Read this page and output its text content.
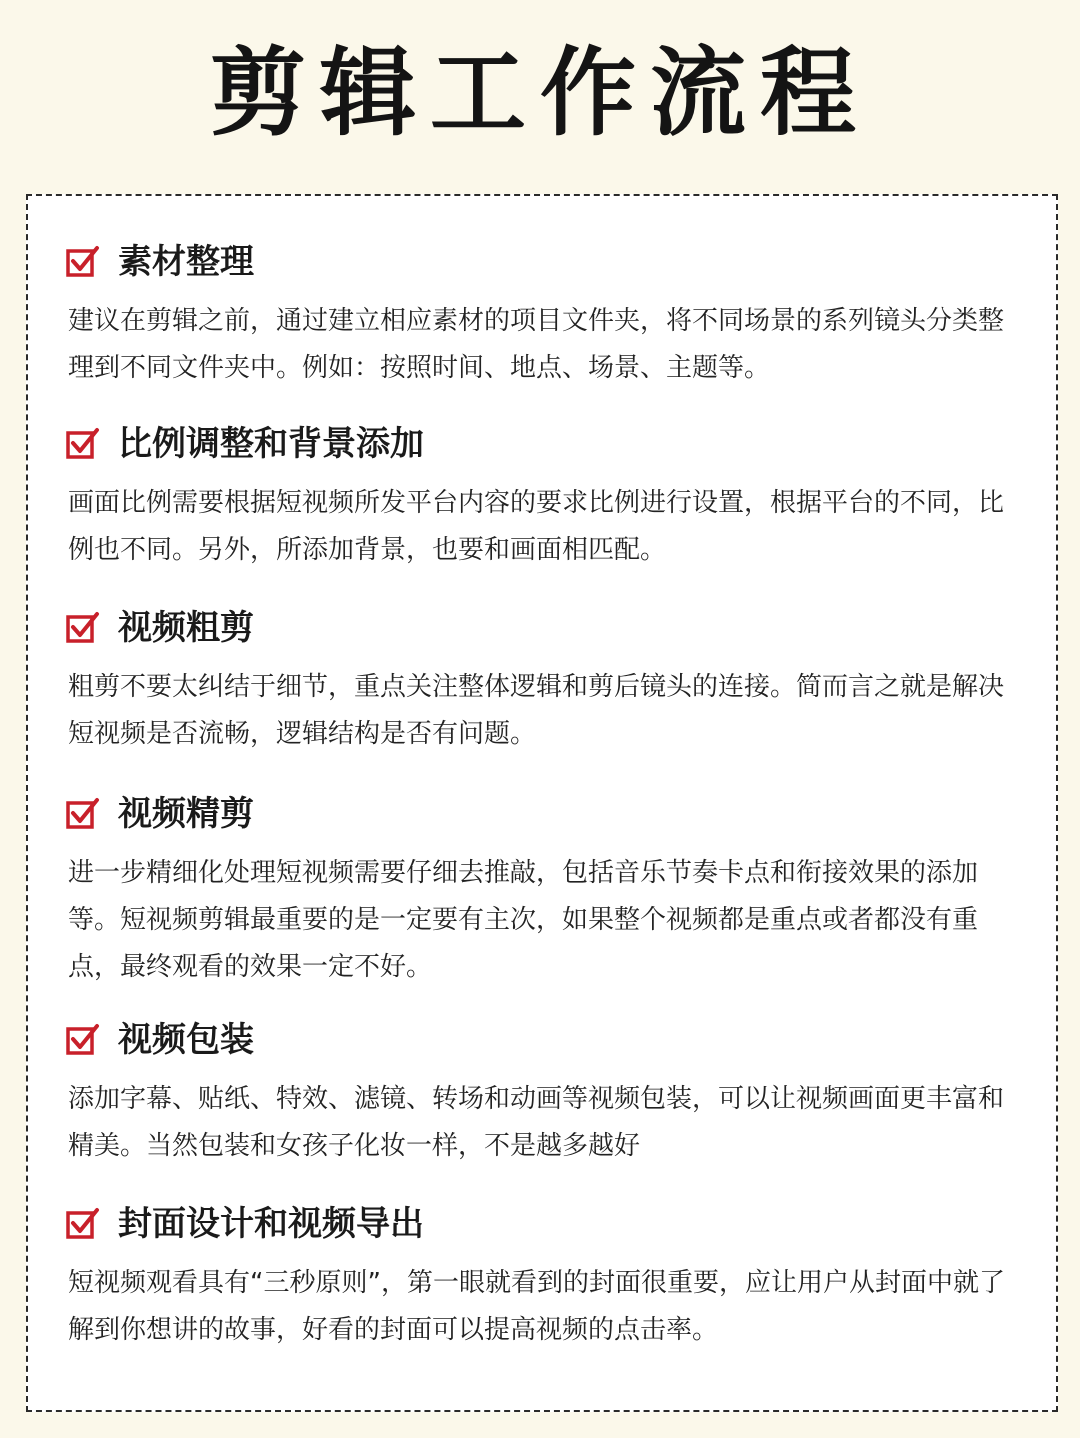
剪辑工作流程
素材整理

建议在剪辑之前，通过建立相应素材的项目文件夹，将不同场景的系列镜头分类整理到不同文件夹中。例如：按照时间、地点、场景、主题等。

比例调整和背景添加

画面比例需要根据短视频所发平台内容的要求比例进行设置，根据平台的不同，比例也不同。另外，所添加背景，也要和画面相匹配。

视频粗剪

粗剪不要太纠结于细节，重点关注整体逻辑和剪后镜头的连接。简而言之就是解决短视频是否流畅，逻辑结构是否有问题。

视频精剪

进一步精细化处理短视频需要仔细去推敲，包括音乐节奏卡点和衔接效果的添加等。短视频剪辑最重要的是一定要有主次，如果整个视频都是重点或者都没有重点，最终观看的效果一定不好。

视频包装

添加字幕、贴纸、特效、滤镜、转场和动画等视频包装，可以让视频画面更丰富和精美。当然包装和女孩子化妆一样，不是越多越好

封面设计和视频导出

短视频观看具有“三秒原则”，第一眼就看到的封面很重要，应让用户从封面中就了解到你想讲的故事，好看的封面可以提高视频的点击率。
